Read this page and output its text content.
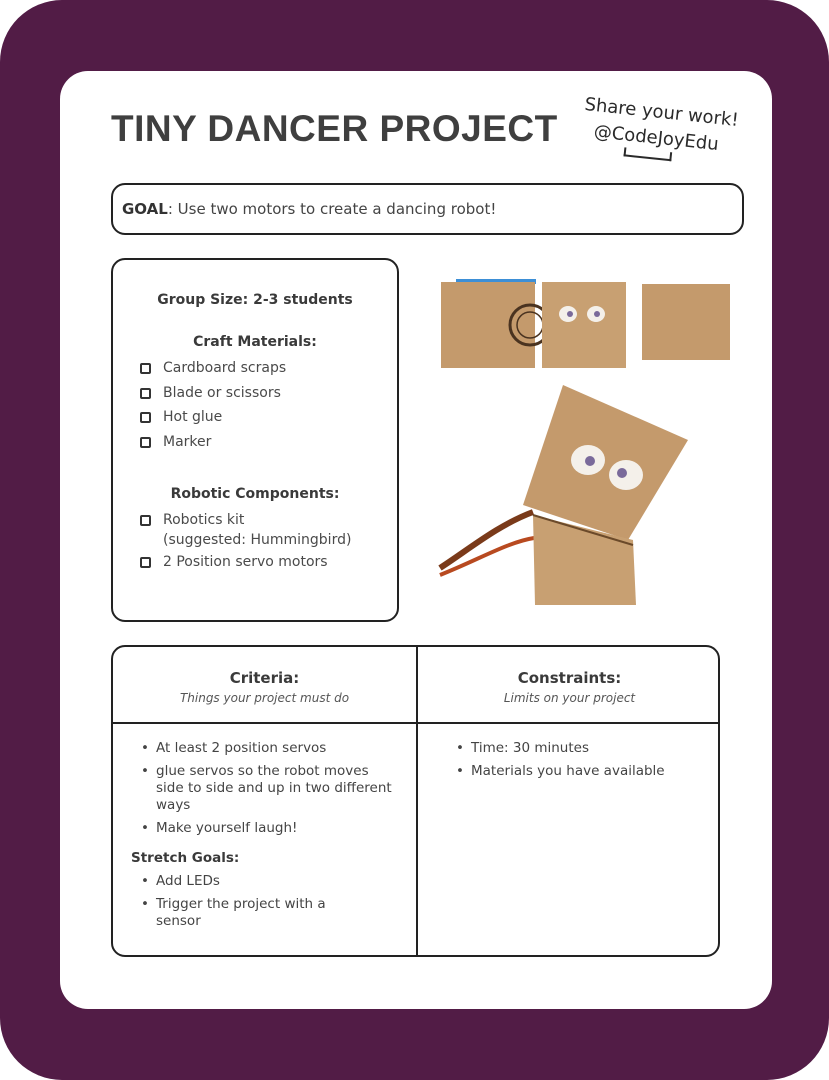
TINY DANCER PROJECT Share your work!
@CodeJoyEdu
GOAL: Use two motors to create a dancing robot!
Group Size: 2-3 students
Craft Materials:
Cardboard scraps
Blade or scissors
Hot glue
Marker
Robotic Components:
Robotics kit
(suggested: Hummingbird)
2 Position servo motors
Criteria:
Things your project must do
Constraints:
Limits on your project
• At least 2 position servos
• glue servos so the robot moves side to side and up in two different ways
• Make yourself laugh!
Stretch Goals:
• Add LEDs
• Trigger the project with a sensor
• Time: 30 minutes
• Materials you have available
